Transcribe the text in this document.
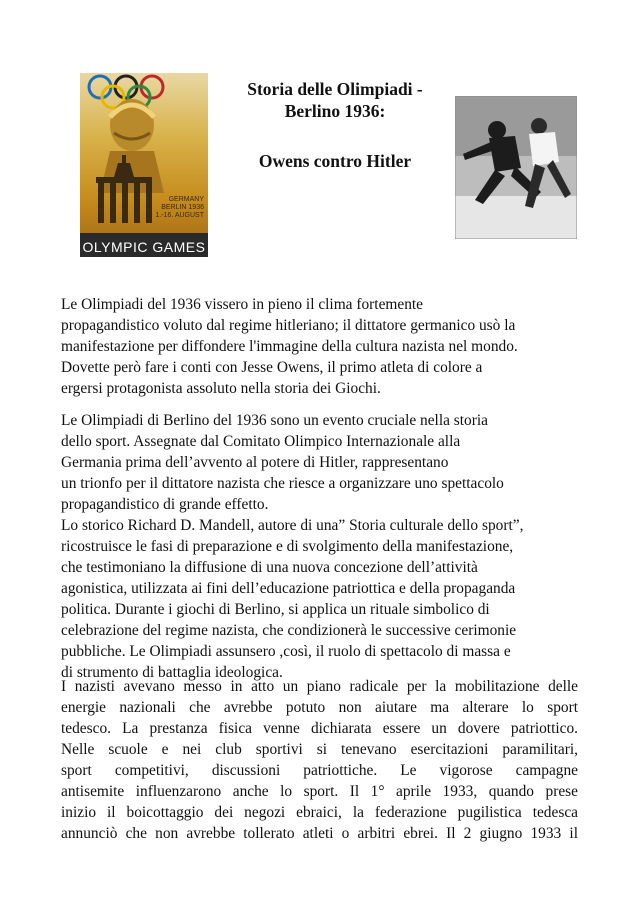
GERMANY
BERLIN 1936
1.-16. AUGUST
OLYMPIC GAMES
Storia delle Olimpiadi -
Berlino 1936:
Owens contro Hitler
Le Olimpiadi del 1936 vissero in pieno il clima fortemente
propagandistico voluto dal regime hitleriano; il dittatore germanico usò la
manifestazione per diffondere l'immagine della cultura nazista nel mondo.
Dovette però fare i conti con Jesse Owens, il primo atleta di colore a
ergersi protagonista assoluto nella storia dei Giochi.
Le Olimpiadi di Berlino del 1936 sono un evento cruciale nella storia
dello sport. Assegnate dal Comitato Olimpico Internazionale alla
Germania prima dell’avvento al potere di Hitler, rappresentano
un trionfo per il dittatore nazista che riesce a organizzare uno spettacolo
propagandistico di grande effetto.
Lo storico Richard D. Mandell, autore di una” Storia culturale dello sport”,
ricostruisce le fasi di preparazione e di svolgimento della manifestazione,
che testimoniano la diffusione di una nuova concezione dell’attività
agonistica, utilizzata ai fini dell’educazione patriottica e della propaganda
politica. Durante i giochi di Berlino, si applica un rituale simbolico di
celebrazione del regime nazista, che condizionerà le successive cerimonie
pubbliche. Le Olimpiadi assunsero ,così, il ruolo di spettacolo di massa e
di strumento di battaglia ideologica.
I nazisti avevano messo in atto un piano radicale per la mobilitazione delle
energie nazionali che avrebbe potuto non aiutare ma alterare lo sport
tedesco. La prestanza fisica venne dichiarata essere un dovere patriottico.
Nelle scuole e nei club sportivi si tenevano esercitazioni paramilitari,
sport competitivi, discussioni patriottiche. Le vigorose campagne
antisemite influenzarono anche lo sport. Il 1° aprile 1933, quando prese
inizio il boicottaggio dei negozi ebraici, la federazione pugilistica tedesca
annunciò che non avrebbe tollerato atleti o arbitri ebrei. Il 2 giugno 1933 il
